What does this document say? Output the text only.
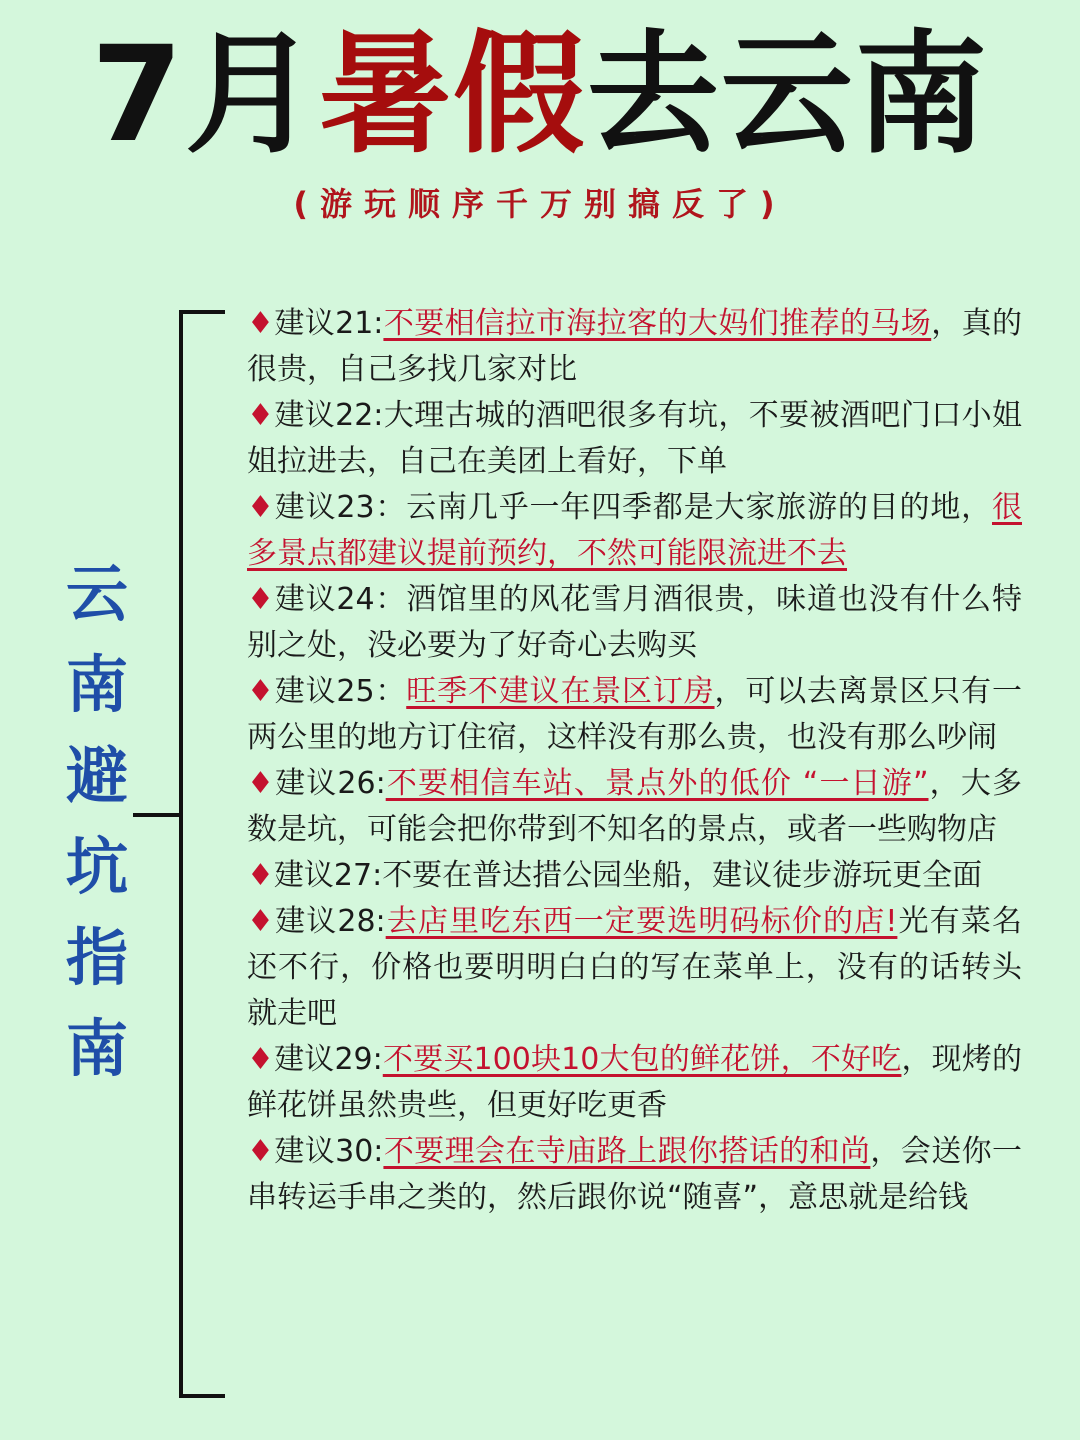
7月暑假去云南
(游玩顺序千万别搞反了)
云南避坑指南

♦建议21:不要相信拉市海拉客的大妈们推荐的马场，真的很贵，自己多找几家对比

♦建议22:大理古城的酒吧很多有坑，不要被酒吧门口小姐姐拉进去，自己在美团上看好，下单

♦建议23：云南几乎一年四季都是大家旅游的目的地，很多景点都建议提前预约，不然可能限流进不去

♦建议24：酒馆里的风花雪月酒很贵，味道也没有什么特别之处，没必要为了好奇心去购买

♦建议25：旺季不建议在景区订房，可以去离景区只有一两公里的地方订住宿，这样没有那么贵，也没有那么吵闹

♦建议26:不要相信车站、景点外的低价 “一日游”，大多数是坑，可能会把你带到不知名的景点，或者一些购物店

♦建议27:不要在普达措公园坐船，建议徒步游玩更全面

♦建议28:去店里吃东西一定要选明码标价的店!光有菜名还不行，价格也要明明白白的写在菜单上，没有的话转头就走吧

♦建议29:不要买100块10大包的鲜花饼，不好吃，现烤的鲜花饼虽然贵些，但更好吃更香

♦建议30:不要理会在寺庙路上跟你搭话的和尚，会送你一串转运手串之类的，然后跟你说“随喜”，意思就是给钱
